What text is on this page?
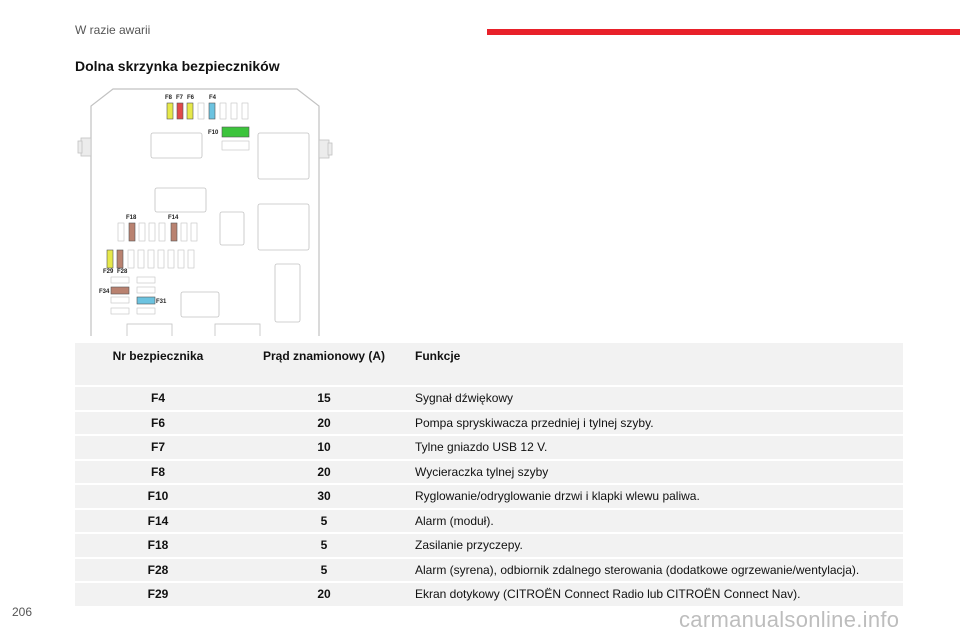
W razie awarii
Dolna skrzynka bezpieczników
F8 F7 F6 F4
F10
F18	F14
F29 F28
F34
F31
Nr bezpiecznika	Prąd znamionowy (A)	Funkcje
F4	15	Sygnał dźwiękowy
F6	20	Pompa spryskiwacza przedniej i tylnej szyby.
F7	10	Tylne gniazdo USB 12 V.
F8	20	Wycieraczka tylnej szyby
F10	30	Ryglowanie/odryglowanie drzwi i klapki wlewu paliwa.
F14	5	Alarm (moduł).
F18	5	Zasilanie przyczepy.
F28	5	Alarm (syrena), odbiornik zdalnego sterowania (dodatkowe ogrzewanie/wentylacja).
F29	20	Ekran dotykowy (CITROËN Connect Radio lub CITROËN Connect Nav).
206	carmanualsonline.info
